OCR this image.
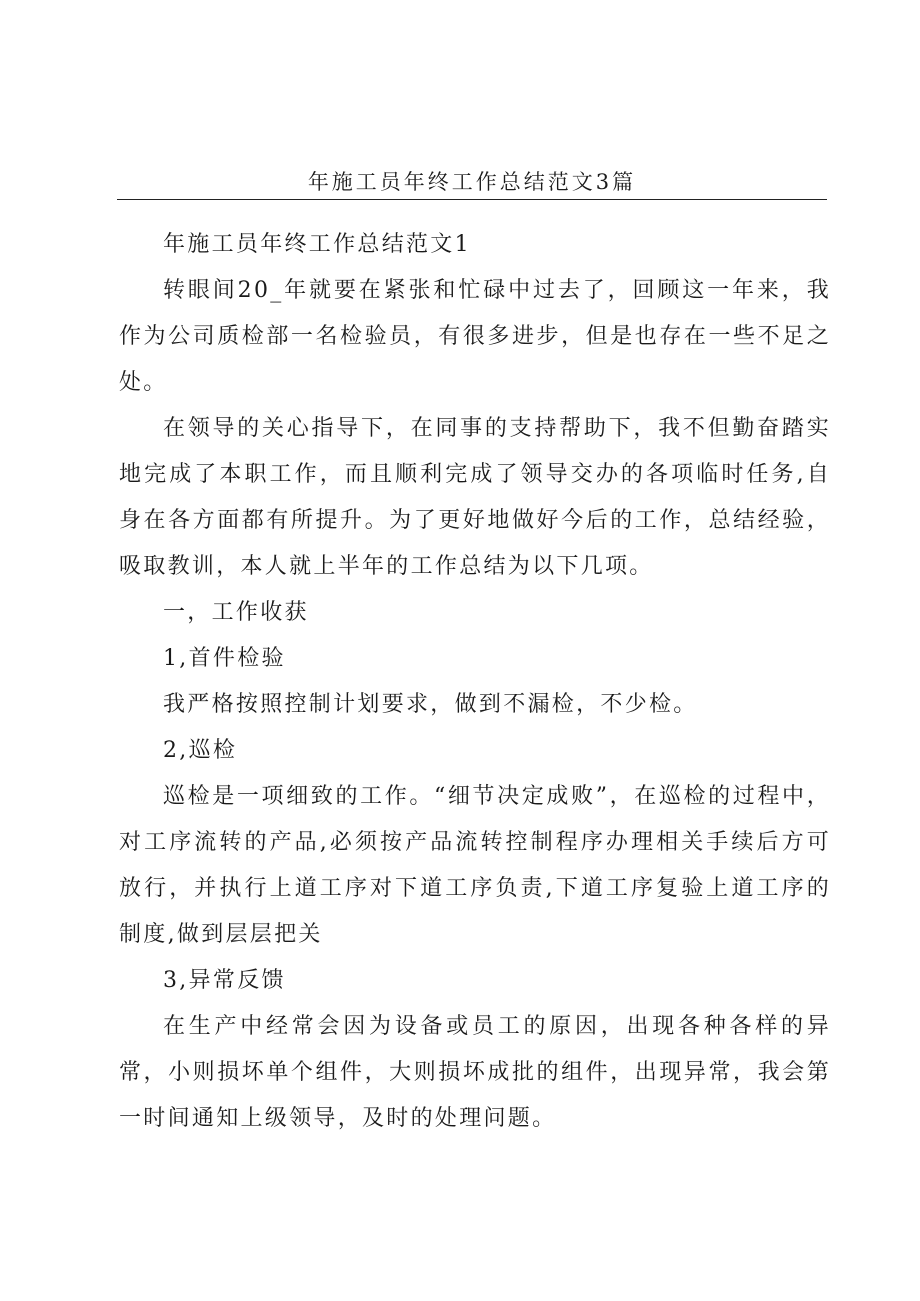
年施工员年终工作总结范文3篇

年施工员年终工作总结范文1

转眼间20_年就要在紧张和忙碌中过去了，回顾这一年来，我作为公司质检部一名检验员，有很多进步，但是也存在一些不足之处。

在领导的关心指导下，在同事的支持帮助下，我不但勤奋踏实地完成了本职工作，而且顺利完成了领导交办的各项临时任务,自身在各方面都有所提升。为了更好地做好今后的工作，总结经验，吸取教训，本人就上半年的工作总结为以下几项。

一，工作收获

1,首件检验

我严格按照控制计划要求，做到不漏检，不少检。

2,巡检

巡检是一项细致的工作。“细节决定成败”，在巡检的过程中，对工序流转的产品,必须按产品流转控制程序办理相关手续后方可放行，并执行上道工序对下道工序负责,下道工序复验上道工序的制度,做到层层把关

3,异常反馈

在生产中经常会因为设备或员工的原因，出现各种各样的异常，小则损坏单个组件，大则损坏成批的组件，出现异常，我会第一时间通知上级领导，及时的处理问题。
